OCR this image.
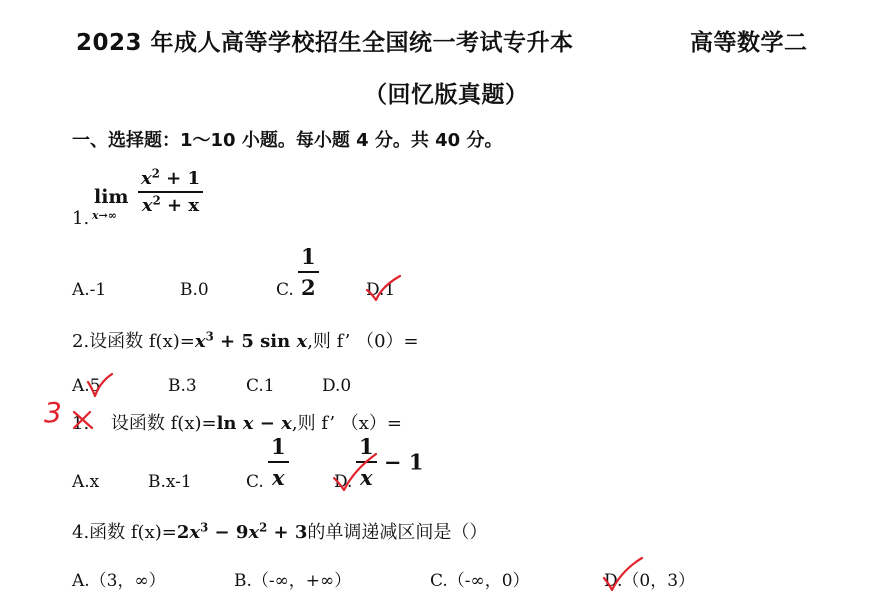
2023 年成人高等学校招生全国统一考试专升本	高等数学二
（回忆版真题）
一、选择题：1～10 小题。每小题 4 分。共 40 分。
1.
lim
$x\to\infty \frac{x^2 + 1}{x^2 + x}$
A.-1	B.0	C. $\frac{1}{2}$	D.1
2.设函数 $f(x)=x^3 + 5$ sin x,则 f’ （0）=
A.5	B.3	C.1	D.0
1. 设函数 f(x)=ln x − x,则 f’ （x）=
3
A.x	B.x-1	C. $\frac{1}{x}$	D. $\frac{1}{x} - 1$
4.函数 $f(x)=2x^3 - 9x^2 + 3$的单调递减区间是（）
A.（3，∞）	B.（-∞，+∞）	C.（-∞，0）	D.（0，3）
